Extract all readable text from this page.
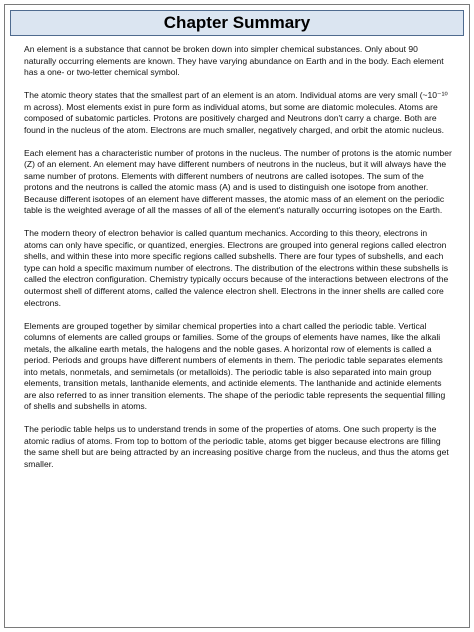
Chapter Summary

An element is a substance that cannot be broken down into simpler chemical substances. Only about 90 naturally occurring elements are known. They have varying abundance on Earth and in the body. Each element has a one- or two-letter chemical symbol.

The atomic theory states that the smallest part of an element is an atom. Individual atoms are very small (~10⁻¹⁰ m across). Most elements exist in pure form as individual atoms, but some are diatomic molecules. Atoms are composed of subatomic particles. Protons are positively charged and Neutrons don't carry a charge. Both are found in the nucleus of the atom. Electrons are much smaller, negatively charged, and orbit the atomic nucleus.

Each element has a characteristic number of protons in the nucleus. The number of protons is the atomic number (Z) of an element. An element may have different numbers of neutrons in the nucleus, but it will always have the same number of protons. Elements with different numbers of neutrons are called isotopes. The sum of the protons and the neutrons is called the atomic mass (A) and is used to distinguish one isotope from another. Because different isotopes of an element have different masses, the atomic mass of an element on the periodic table is the weighted average of all the masses of all of the element's naturally occurring isotopes on the Earth.

The modern theory of electron behavior is called quantum mechanics. According to this theory, electrons in atoms can only have specific, or quantized, energies. Electrons are grouped into general regions called electron shells, and within these into more specific regions called subshells. There are four types of subshells, and each type can hold a specific maximum number of electrons. The distribution of the electrons within these subshells is called the electron configuration. Chemistry typically occurs because of the interactions between electrons of the outermost shell of different atoms, called the valence electron shell. Electrons in the inner shells are called core electrons.

Elements are grouped together by similar chemical properties into a chart called the periodic table. Vertical columns of elements are called groups or families. Some of the groups of elements have names, like the alkali metals, the alkaline earth metals, the halogens and the noble gases. A horizontal row of elements is called a period. Periods and groups have different numbers of elements in them. The periodic table separates elements into metals, nonmetals, and semimetals (or metalloids). The periodic table is also separated into main group elements, transition metals, lanthanide elements, and actinide elements. The lanthanide and actinide elements are also referred to as inner transition elements. The shape of the periodic table represents the sequential filling of shells and subshells in atoms.

The periodic table helps us to understand trends in some of the properties of atoms. One such property is the atomic radius of atoms. From top to bottom of the periodic table, atoms get bigger because electrons are filling the same shell but are being attracted by an increasing positive charge from the nucleus, and thus the atoms get smaller.
